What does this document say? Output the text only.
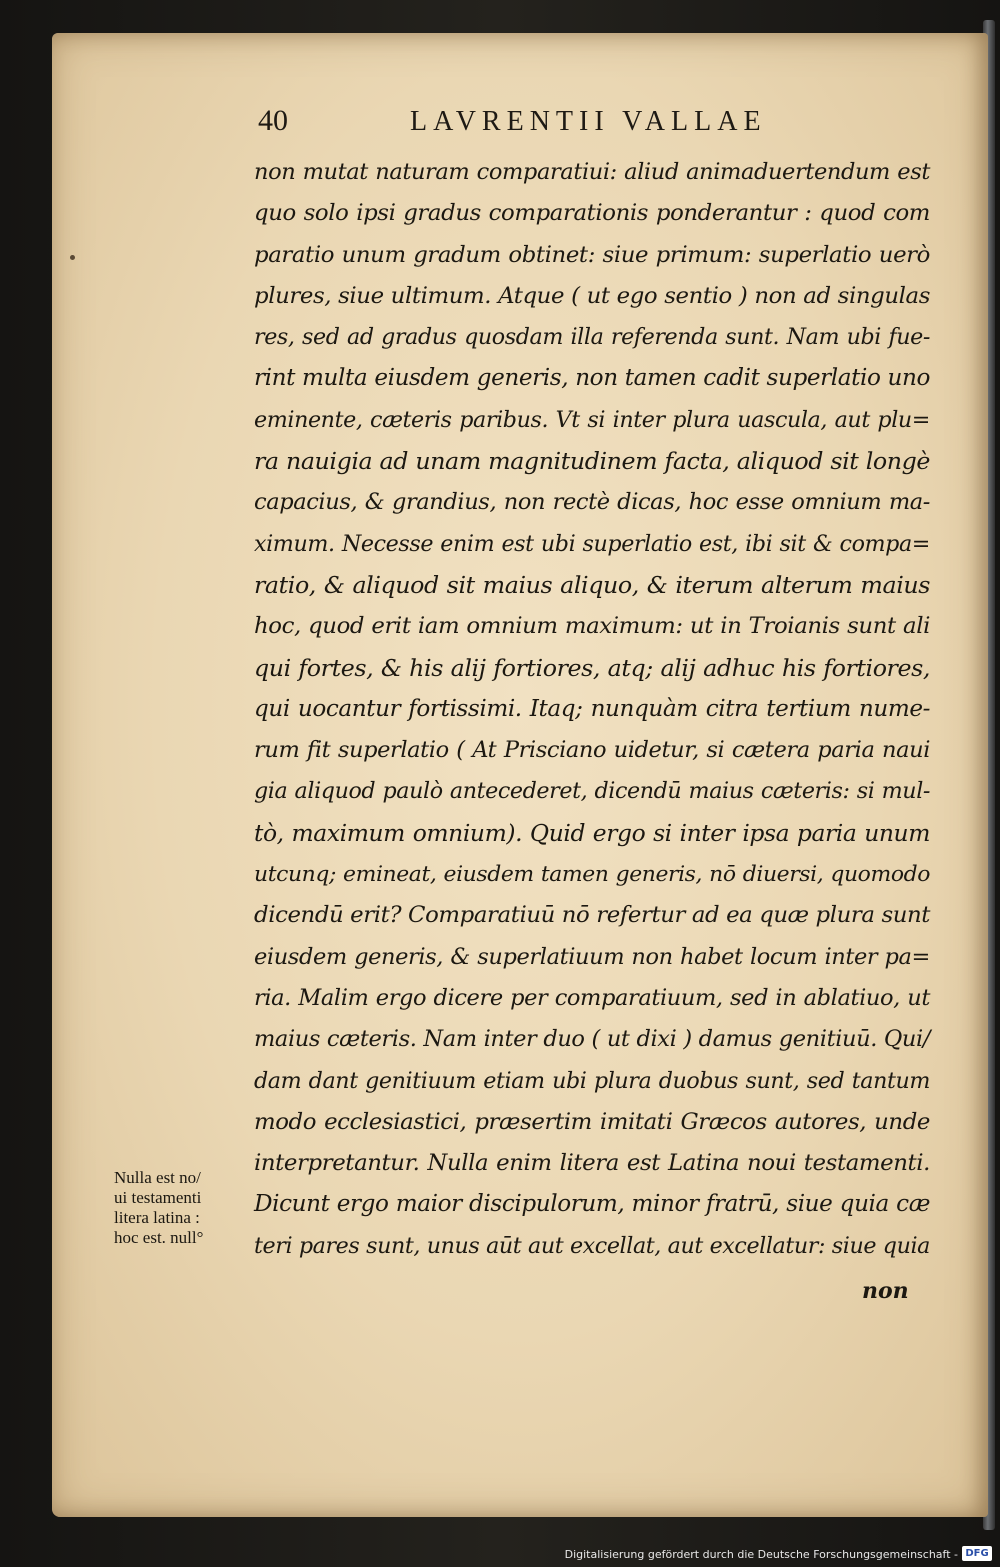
40	LAVRENTII VALLAE
non mutat naturam comparatiui: aliud animaduertendum est
quo solo ipsi gradus comparationis ponderantur : quod com
paratio unum gradum obtinet: siue primum: superlatio uerò
plures, siue ultimum. Atque ( ut ego sentio ) non ad singulas
res, sed ad gradus quosdam illa referenda sunt. Nam ubi fue-
rint multa eiusdem generis, non tamen cadit superlatio uno
eminente, cæteris paribus. Vt si inter plura uascula, aut plu=
ra nauigia ad unam magnitudinem facta, aliquod sit longè
capacius, & grandius, non rectè dicas, hoc esse omnium ma-
ximum. Necesse enim est ubi superlatio est, ibi sit & compa=
ratio, & aliquod sit maius aliquo, & iterum alterum maius
hoc, quod erit iam omnium maximum: ut in Troianis sunt ali
qui fortes, & his alij fortiores, atq; alij adhuc his fortiores,
qui uocantur fortissimi. Itaq; nunquàm citra tertium nume-
rum fit superlatio ( At Prisciano uidetur, si cætera paria naui
gia aliquod paulò antecederet, dicendū maius cæteris: si mul-
tò, maximum omnium). Quid ergo si inter ipsa paria unum
utcunq; emineat, eiusdem tamen generis, nō diuersi, quomodo
dicendū erit? Comparatiuū nō refertur ad ea quæ plura sunt
eiusdem generis, & superlatiuum non habet locum inter pa=
ria. Malim ergo dicere per comparatiuum, sed in ablatiuo, ut
maius cæteris. Nam inter duo ( ut dixi ) damus genitiuū. Qui/
dam dant genitiuum etiam ubi plura duobus sunt, sed tantum
modo ecclesiastici, præsertim imitati Græcos autores, unde
interpretantur. Nulla enim litera est Latina noui testamenti.
Dicunt ergo maior discipulorum, minor fratrū, siue quia cæ
teri pares sunt, unus aūt aut excellat, aut excellatur: siue quia
non
Nulla est no/
ui testamenti
litera latina :
hoc est. null°
Digitalisierung gefördert durch die Deutsche Forschungsgemeinschaft - DFG
